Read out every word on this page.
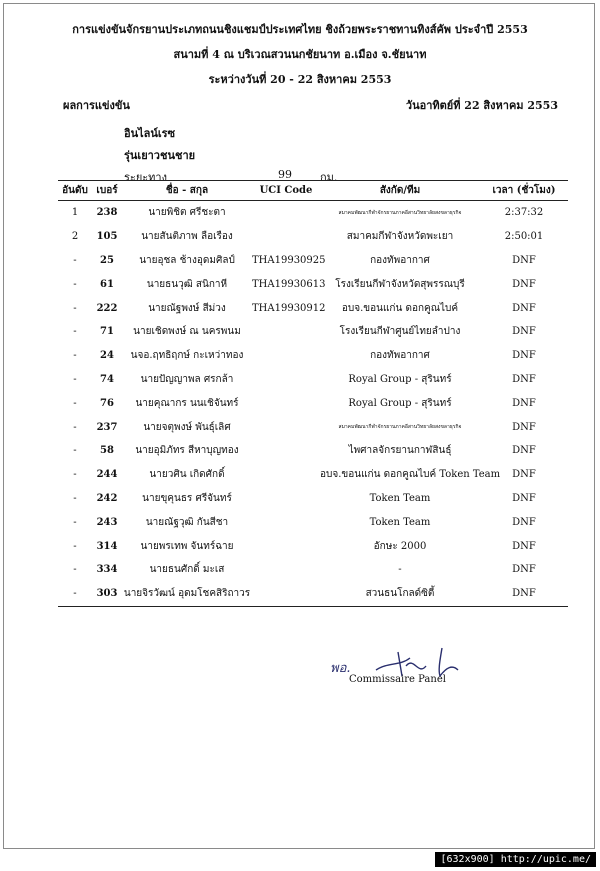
การแข่งขันจักรยานประเภทถนนชิงแชมป์ประเทศไทย ชิงถ้วยพระราชทานทิงส์คัพ ประจำปี 2553
สนามที่ 4 ณ บริเวณสวนนกชัยนาท อ.เมือง จ.ชัยนาท
ระหว่างวันที่ 20 - 22 สิงหาคม 2553
ผลการแข่งขัน	วันอาทิตย์ที่ 22 สิงหาคม 2553
อินไลน์เรซ
รุ่นเยาวชนชาย
ระยะทาง	99	กม.
อันดับ	เบอร์	ชื่อ - สกุล	UCI Code	สังกัด/ทีม	เวลา (ชั่วโมง)
1	238	นายพิชิต ศรีชะตา		สมาคมพัฒนากีฬาจักรยานภาคอีสานวิทยาลัยสงขลาธุรกิจ	2:37:32
2	105	นายสันติภาพ ลือเรือง		สมาคมกีฬาจังหวัดพะเยา	2:50:01
-	25	นายอุชล ช้างอุดมศิลป์	THA19930925	กองทัพอากาศ	DNF
-	61	นายธนวุฒิ สนิกาหี	THA19930613	โรงเรียนกีฬาจังหวัดสุพรรณบุรี	DNF
-	222	นายณัฐพงษ์ สีม่วง	THA19930912	อบจ.ขอนแก่น ดอกคูณไบค์	DNF
-	71	นายเชิดพงษ์ ณ นครพนม		โรงเรียนกีฬาศูนย์ไทยลำปาง	DNF
-	24	นจอ.ฤทธิฤกษ์ กะเหว่าทอง		กองทัพอากาศ	DNF
-	74	นายปัญญาพล ศรกล้า		Royal Group - สุรินทร์	DNF
-	76	นายคุณากร นนเชิจันทร์		Royal Group - สุรินทร์	DNF
-	237	นายจตุพงษ์ พันธุ์เลิศ		สมาคมพัฒนากีฬาจักรยานภาคอีสานวิทยาลัยสงขลาธุรกิจ	DNF
-	58	นายอุมิภัทร สีหาบุญทอง		ไพศาลจักรยานกาฬสินธุ์	DNF
-	244	นายวศิน เกิดศักดิ์		อบจ.ขอนแก่น ดอกคูณไบค์ Token Team	DNF
-	242	นายขุคุนธร ศรีจันทร์		Token Team	DNF
-	243	นายณัฐวุฒิ กันสีชา		Token Team	DNF
-	314	นายพรเทพ จันทร์ฉาย		อักษะ 2000	DNF
-	334	นายธนศักดิ์ มะเส		-	DNF
-	303	นายจิรวัฒน์ อุดมโชคสิริถาวร		สวนธนโกลด์ซิตี้	DNF
พอ.
Commissaire Panel
[632x900] http://upic.me/
